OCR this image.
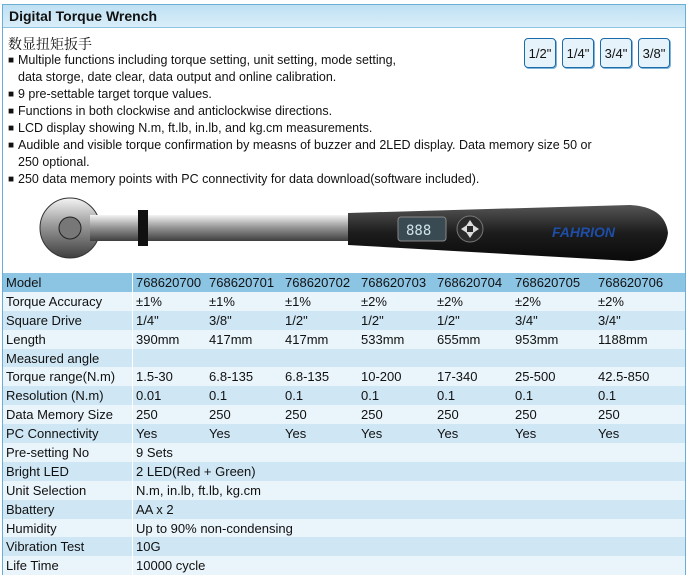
Digital Torque Wrench
数显扭矩扳手
1/2"	1/4"	3/4"	3/8"
■ Multiple functions including torque setting, unit setting, mode setting,
data storge, date clear, data output and online calibration.
■ 9 pre-settable target torque values.
■ Functions in both clockwise and anticlockwise directions.
■ LCD display showing N.m, ft.lb, in.lb, and kg.cm measurements.
■ Audible and visible torque confirmation by measns of buzzer and 2LED display. Data memory size 50 or
250 optional.
■ 250 data memory points with PC connectivity for data download(software included).
888	FAHRION
Model	768620700	768620701	768620702	768620703	768620704	768620705	768620706
Torque Accuracy	±1%	±1%	±1%	±2%	±2%	±2%	±2%
Square Drive	1/4"	3/8"	1/2"	1/2"	1/2"	3/4"	3/4"
Length	390mm	417mm	417mm	533mm	655mm	953mm	1188mm
Measured angle							
Torque range(N.m)	1.5-30	6.8-135	6.8-135	10-200	17-340	25-500	42.5-850
Resolution (N.m)	0.01	0.1	0.1	0.1	0.1	0.1	0.1
Data Memory Size	250	250	250	250	250	250	250
PC Connectivity	Yes	Yes	Yes	Yes	Yes	Yes	Yes
Pre-setting No	9 Sets						
Bright LED	2 LED(Red + Green)						
Unit Selection	N.m, in.lb, ft.lb, kg.cm						
Bbattery	AA x 2						
Humidity	Up to 90% non-condensing						
Vibration Test	10G						
Life Time	10000 cycle						
